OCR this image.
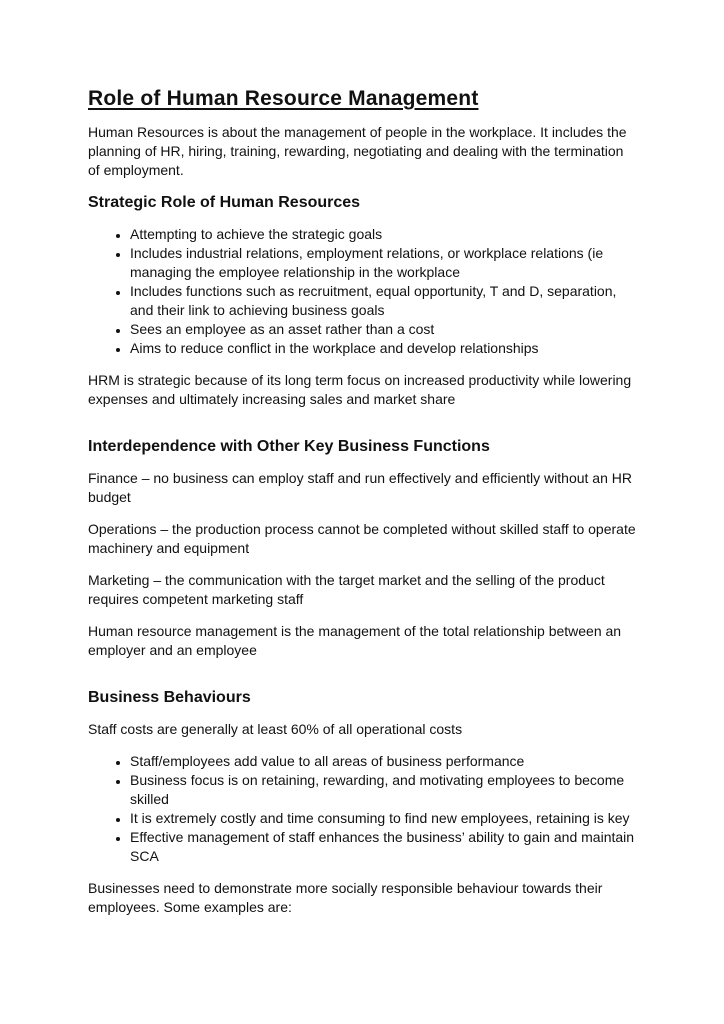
Role of Human Resource Management

Human Resources is about the management of people in the workplace. It includes the planning of HR, hiring, training, rewarding, negotiating and dealing with the termination of employment.

Strategic Role of Human Resources
• Attempting to achieve the strategic goals
• Includes industrial relations, employment relations, or workplace relations (ie managing the employee relationship in the workplace
• Includes functions such as recruitment, equal opportunity, T and D, separation, and their link to achieving business goals
• Sees an employee as an asset rather than a cost
• Aims to reduce conflict in the workplace and develop relationships

HRM is strategic because of its long term focus on increased productivity while lowering expenses and ultimately increasing sales and market share

Interdependence with Other Key Business Functions

Finance – no business can employ staff and run effectively and efficiently without an HR budget

Operations – the production process cannot be completed without skilled staff to operate machinery and equipment

Marketing – the communication with the target market and the selling of the product requires competent marketing staff

Human resource management is the management of the total relationship between an employer and an employee

Business Behaviours

Staff costs are generally at least 60% of all operational costs

• Staff/employees add value to all areas of business performance
• Business focus is on retaining, rewarding, and motivating employees to become skilled
• It is extremely costly and time consuming to find new employees, retaining is key
• Effective management of staff enhances the business’ ability to gain and maintain SCA

Businesses need to demonstrate more socially responsible behaviour towards their employees. Some examples are:
